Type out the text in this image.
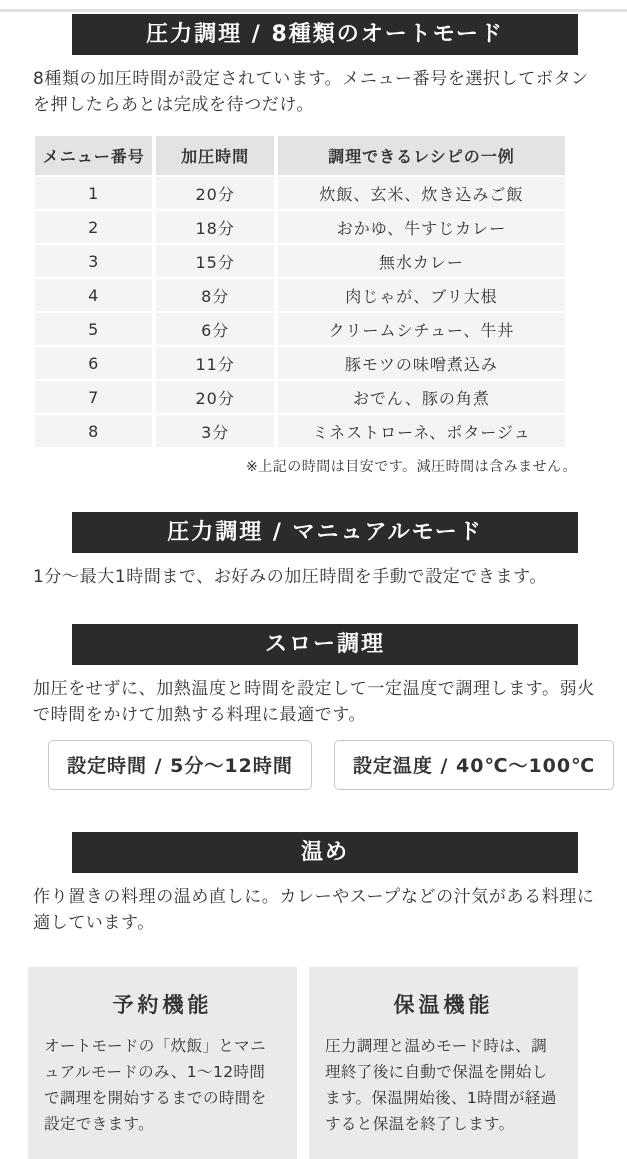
圧力調理 / 8種類のオートモード

8種類の加圧時間が設定されています。メニュー番号を選択してボタンを押したらあとは完成を待つだけ。

メニュー番号	加圧時間	調理できるレシピの一例
1	20分	炊飯、玄米、炊き込みご飯
2	18分	おかゆ、牛すじカレー
3	15分	無水カレー
4	8分	肉じゃが、ブリ大根
5	6分	クリームシチュー、牛丼
6	11分	豚モツの味噌煮込み
7	20分	おでん、豚の角煮
8	3分	ミネストローネ、ポタージュ

※上記の時間は目安です。減圧時間は含みません。

圧力調理 / マニュアルモード

1分〜最大1時間まで、お好みの加圧時間を手動で設定できます。

スロー調理

加圧をせずに、加熱温度と時間を設定して一定温度で調理します。弱火で時間をかけて加熱する料理に最適です。

設定時間 / 5分〜12時間	設定温度 / 40℃〜100℃
温め

作り置きの料理の温め直しに。カレーやスープなどの汁気がある料理に適しています。

予約機能

オートモードの「炊飯」とマニュアルモードのみ、1〜12時間で調理を開始するまでの時間を設定できます。

保温機能

圧力調理と温めモード時は、調理終了後に自動で保温を開始します。保温開始後、1時間が経過すると保温を終了します。
